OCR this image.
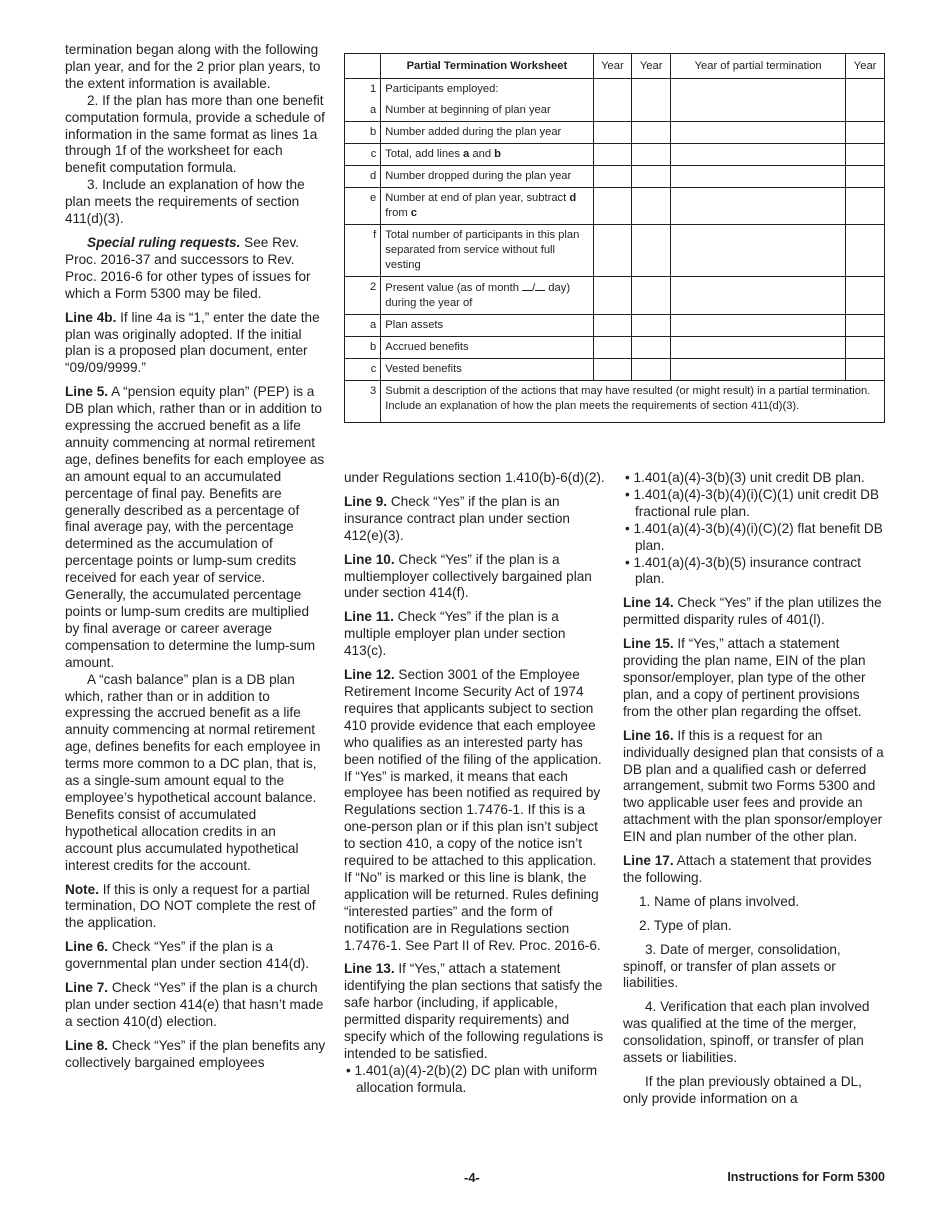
	Partial Termination Worksheet	Year	Year	Year of partial termination	Year
1	Participants employed:				
a	Number at beginning of plan year				
b	Number added during the plan year				
c	Total, add lines a and b				
d	Number dropped during the plan year				
e	Number at end of plan year, subtract d from c				
f	Total number of participants in this plan separated from service without full vesting				
2	Present value (as of month / day)
during the year of				
a	Plan assets				
b	Accrued benefits				
c	Vested benefits				
3	Submit a description of the actions that may have resulted (or might result) in a partial termination. Include an explanation of how the plan meets the requirements of section 411(d)(3).				

termination began along with the following plan year, and for the 2 prior plan years, to the extent information is available.

2. If the plan has more than one benefit computation formula, provide a schedule of information in the same format as lines 1a through 1f of the worksheet for each benefit computation formula.

3. Include an explanation of how the plan meets the requirements of section 411(d)(3).

Special ruling requests. See Rev. Proc. 2016-37 and successors to Rev. Proc. 2016-6 for other types of issues for which a Form 5300 may be filed.

Line 4b. If line 4a is “1,” enter the date the plan was originally adopted. If the initial plan is a proposed plan document, enter “09/09/9999.”

Line 5. A “pension equity plan” (PEP) is a DB plan which, rather than or in addition to expressing the accrued benefit as a life annuity commencing at normal retirement age, defines benefits for each employee as an amount equal to an accumulated percentage of final pay. Benefits are generally described as a percentage of final average pay, with the percentage determined as the accumulation of percentage points or lump-sum credits received for each year of service. Generally, the accumulated percentage points or lump-sum credits are multiplied by final average or career average compensation to determine the lump-sum amount.

A “cash balance” plan is a DB plan which, rather than or in addition to expressing the accrued benefit as a life annuity commencing at normal retirement age, defines benefits for each employee in terms more common to a DC plan, that is, as a single-sum amount equal to the employee’s hypothetical account balance. Benefits consist of accumulated hypothetical allocation credits in an account plus accumulated hypothetical interest credits for the account.

Note. If this is only a request for a partial termination, DO NOT complete the rest of the application.

Line 6. Check “Yes” if the plan is a governmental plan under section 414(d).

Line 7. Check “Yes” if the plan is a church plan under section 414(e) that hasn’t made a section 410(d) election.

Line 8. Check “Yes” if the plan benefits any collectively bargained employees

under Regulations section 1.410(b)-6(d)(2).

Line 9. Check “Yes” if the plan is an insurance contract plan under section 412(e)(3).

Line 10. Check “Yes” if the plan is a multiemployer collectively bargained plan under section 414(f).

Line 11. Check “Yes” if the plan is a multiple employer plan under section 413(c).

Line 12. Section 3001 of the Employee Retirement Income Security Act of 1974 requires that applicants subject to section 410 provide evidence that each employee who qualifies as an interested party has been notified of the filing of the application. If “Yes” is marked, it means that each employee has been notified as required by Regulations section 1.7476-1. If this is a one-person plan or if this plan isn’t subject to section 410, a copy of the notice isn’t required to be attached to this application. If “No” is marked or this line is blank, the application will be returned. Rules defining “interested parties” and the form of notification are in Regulations section 1.7476-1. See Part II of Rev. Proc. 2016-6.

Line 13. If “Yes,” attach a statement identifying the plan sections that satisfy the safe harbor (including, if applicable, permitted disparity requirements) and specify which of the following regulations is intended to be satisfied.

• 1.401(a)(4)-2(b)(2) DC plan with uniform allocation formula.

• 1.401(a)(4)-3(b)(3) unit credit DB plan.

• 1.401(a)(4)-3(b)(4)(i)(C)(1) unit credit DB fractional rule plan.

• 1.401(a)(4)-3(b)(4)(i)(C)(2) flat benefit DB plan.

• 1.401(a)(4)-3(b)(5) insurance contract plan.

Line 14. Check “Yes” if the plan utilizes the permitted disparity rules of 401(l).

Line 15. If “Yes,” attach a statement providing the plan name, EIN of the plan sponsor/employer, plan type of the other plan, and a copy of pertinent provisions from the other plan regarding the offset.

Line 16. If this is a request for an individually designed plan that consists of a DB plan and a qualified cash or deferred arrangement, submit two Forms 5300 and two applicable user fees and provide an attachment with the plan sponsor/employer EIN and plan number of the other plan.

Line 17. Attach a statement that provides the following.

1. Name of plans involved.

2. Type of plan.

3. Date of merger, consolidation, spinoff, or transfer of plan assets or liabilities.

4. Verification that each plan involved was qualified at the time of the merger, consolidation, spinoff, or transfer of plan assets or liabilities.

If the plan previously obtained a DL, only provide information on a

-4-	Instructions for Form 5300
